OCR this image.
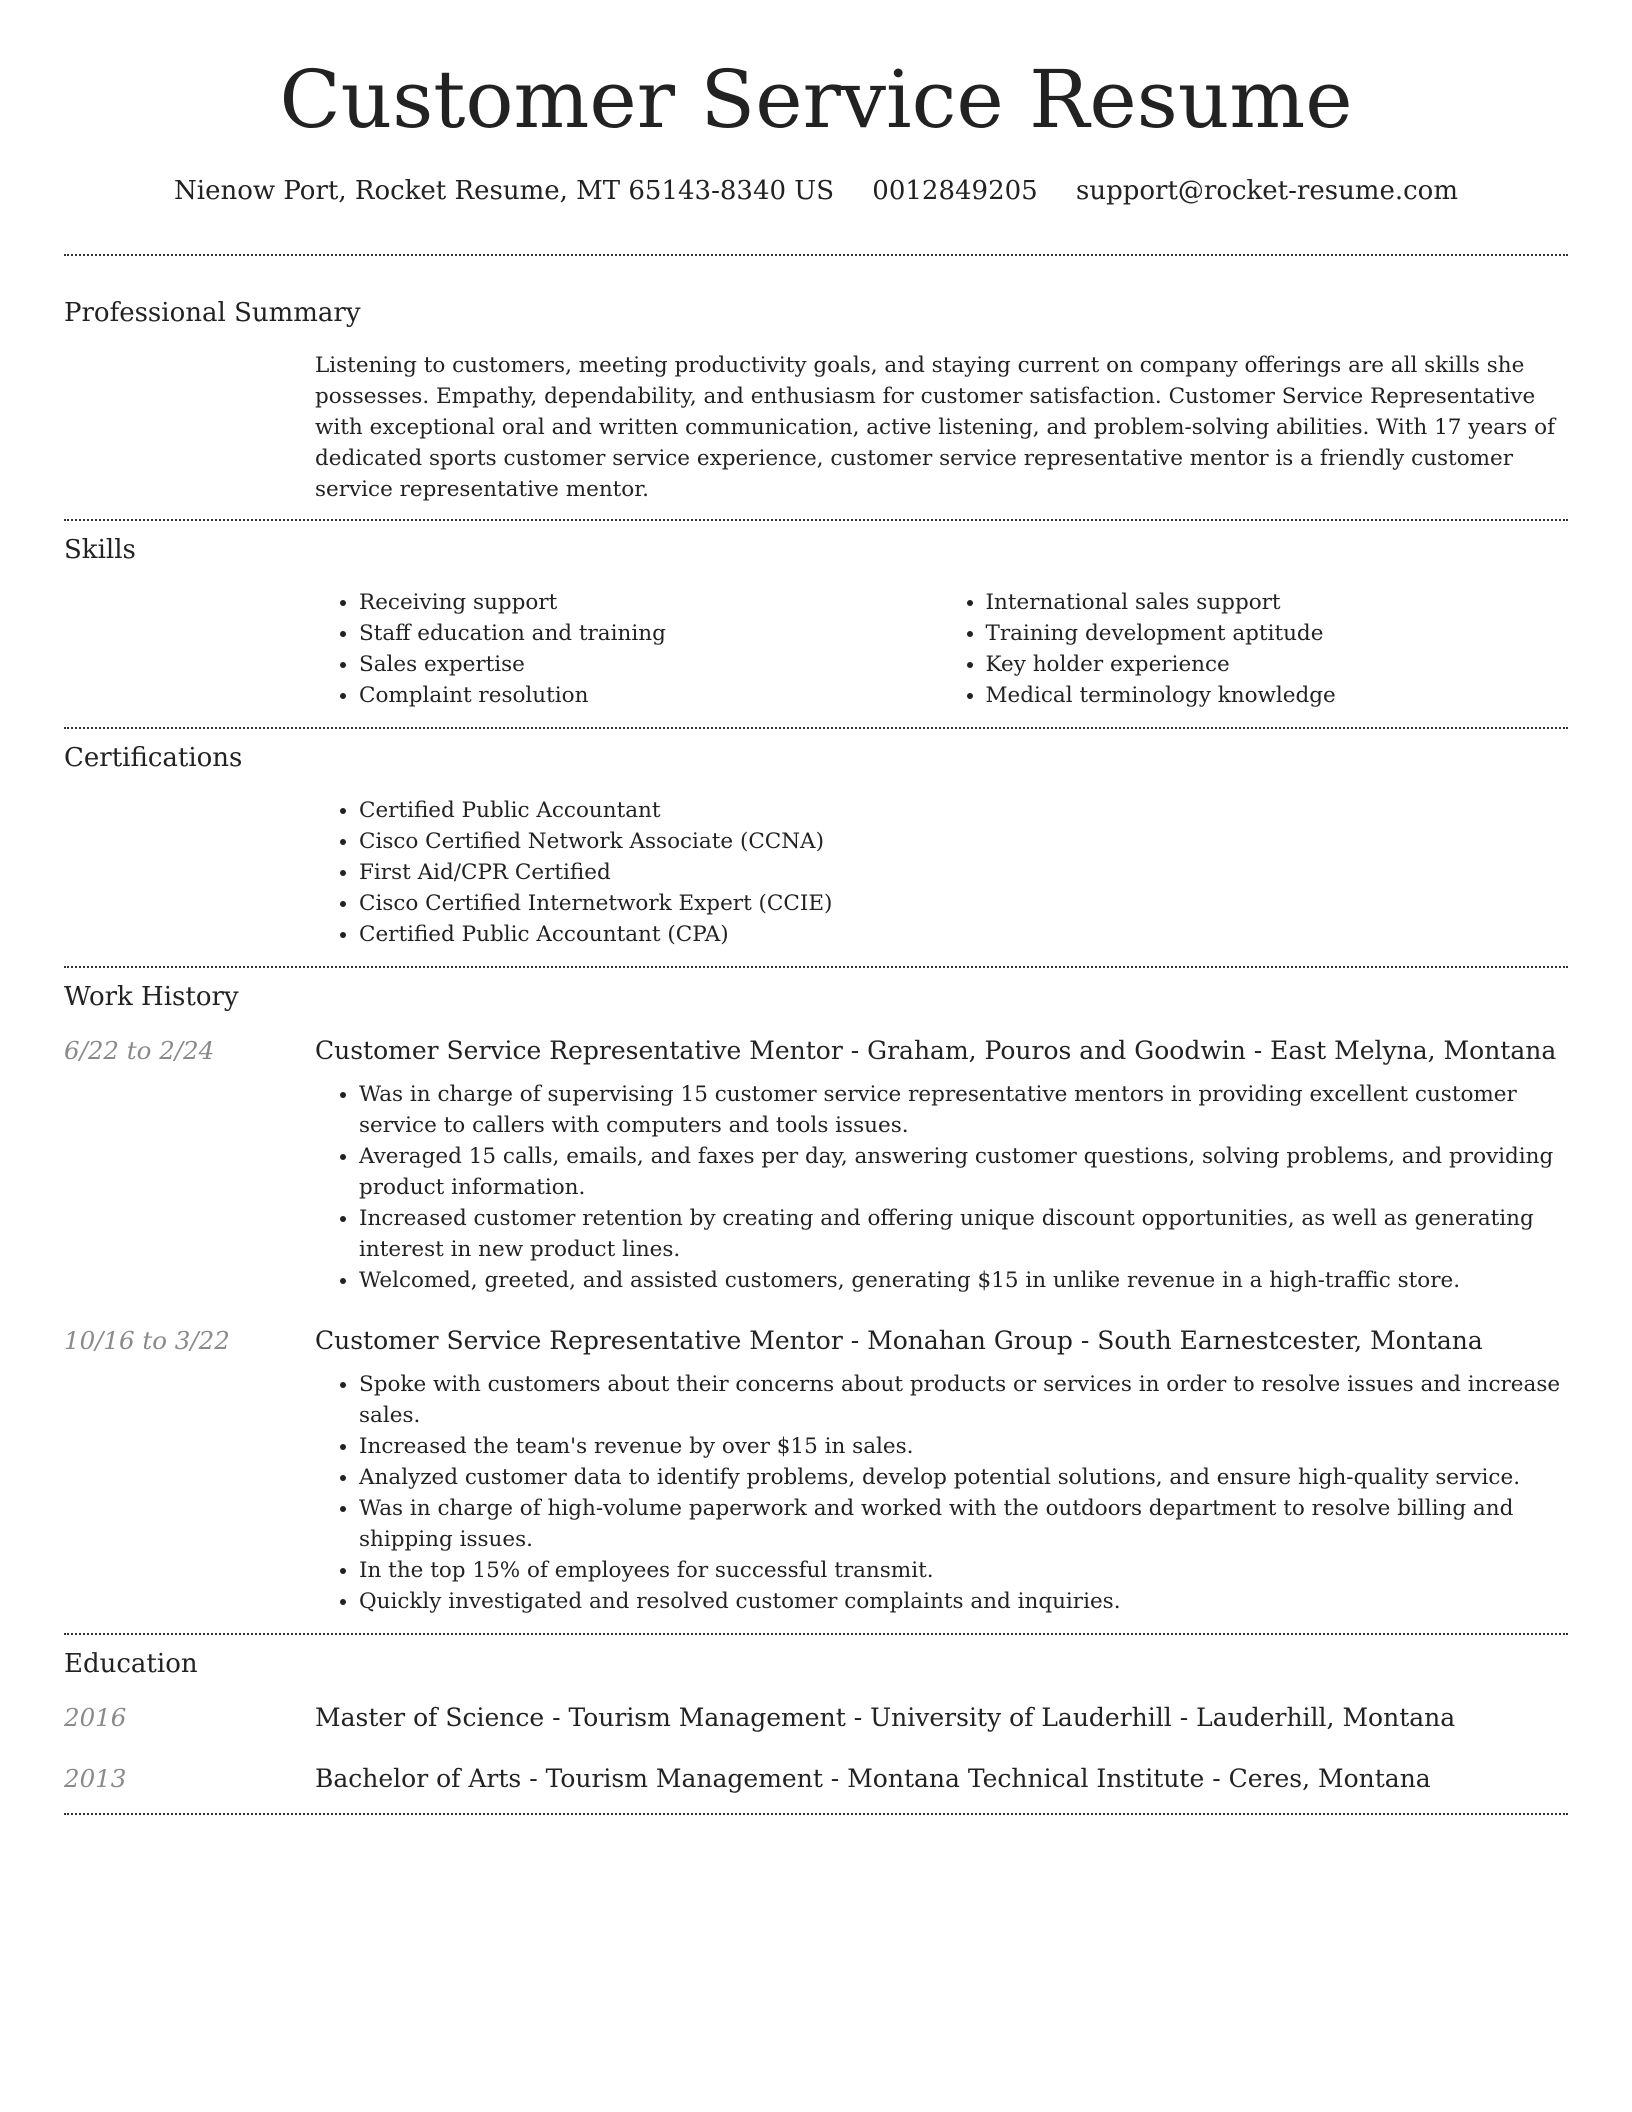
Customer Service Resume
Nienow Port, Rocket Resume, MT 65143-8340 US 0012849205 support@rocket-resume.com
Professional Summary
Listening to customers, meeting productivity goals, and staying current on company offerings are all skills she possesses. Empathy, dependability, and enthusiasm for customer satisfaction. Customer Service Representative with exceptional oral and written communication, active listening, and problem-solving abilities. With 17 years of dedicated sports customer service experience, customer service representative mentor is a friendly customer service representative mentor.
Skills
• Receiving support
• Staff education and training
• Sales expertise
• Complaint resolution
• International sales support
• Training development aptitude
• Key holder experience
• Medical terminology knowledge
Certifications
• Certified Public Accountant
• Cisco Certified Network Associate (CCNA)
• First Aid/CPR Certified
• Cisco Certified Internetwork Expert (CCIE)
• Certified Public Accountant (CPA)
Work History
6/22 to 2/24	Customer Service Representative Mentor - Graham, Pouros and Goodwin - East Melyna, Montana
• Was in charge of supervising 15 customer service representative mentors in providing excellent customer service to callers with computers and tools issues.
• Averaged 15 calls, emails, and faxes per day, answering customer questions, solving problems, and providing product information.
• Increased customer retention by creating and offering unique discount opportunities, as well as generating interest in new product lines.
• Welcomed, greeted, and assisted customers, generating $15 in unlike revenue in a high-traffic store.
10/16 to 3/22	Customer Service Representative Mentor - Monahan Group - South Earnestcester, Montana
• Spoke with customers about their concerns about products or services in order to resolve issues and increase sales.
• Increased the team's revenue by over $15 in sales.
• Analyzed customer data to identify problems, develop potential solutions, and ensure high-quality service.
• Was in charge of high-volume paperwork and worked with the outdoors department to resolve billing and shipping issues.
• In the top 15% of employees for successful transmit.
• Quickly investigated and resolved customer complaints and inquiries.
Education
2016	Master of Science - Tourism Management - University of Lauderhill - Lauderhill, Montana
2013	Bachelor of Arts - Tourism Management - Montana Technical Institute - Ceres, Montana
